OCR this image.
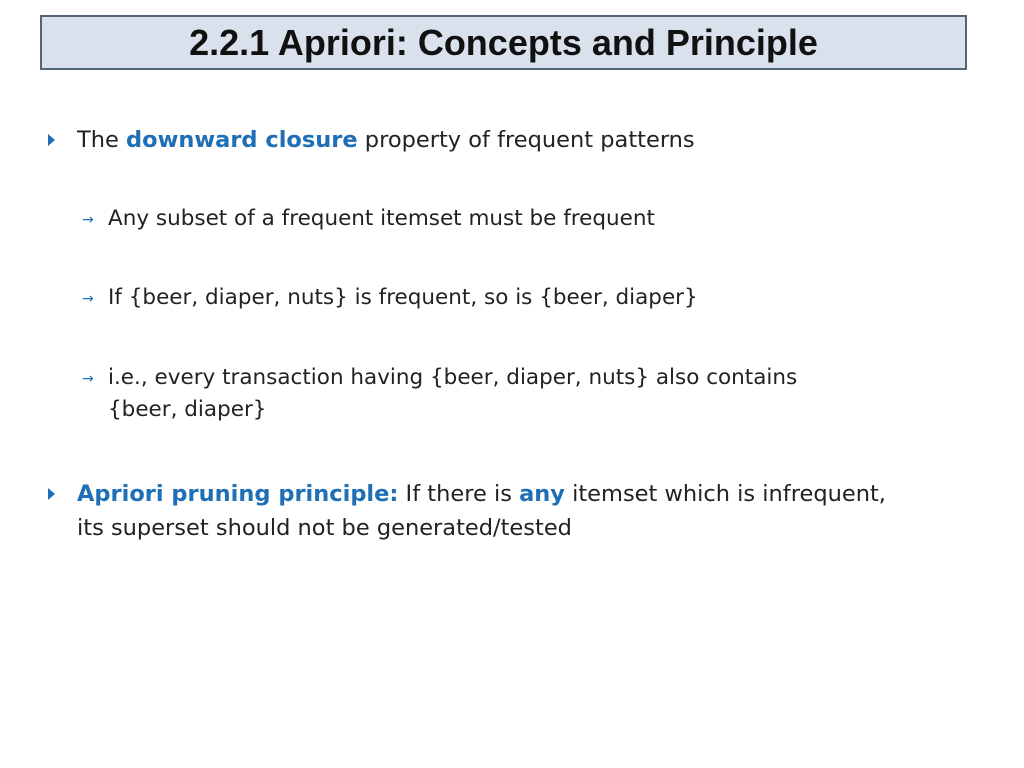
2.2.1 Apriori: Concepts and Principle
The downward closure property of frequent patterns
→ Any subset of a frequent itemset must be frequent
→ If {beer, diaper, nuts} is frequent, so is {beer, diaper}
→ i.e., every transaction having {beer, diaper, nuts} also contains
{beer, diaper}
Apriori pruning principle: If there is any itemset which is infrequent,
its superset should not be generated/tested
